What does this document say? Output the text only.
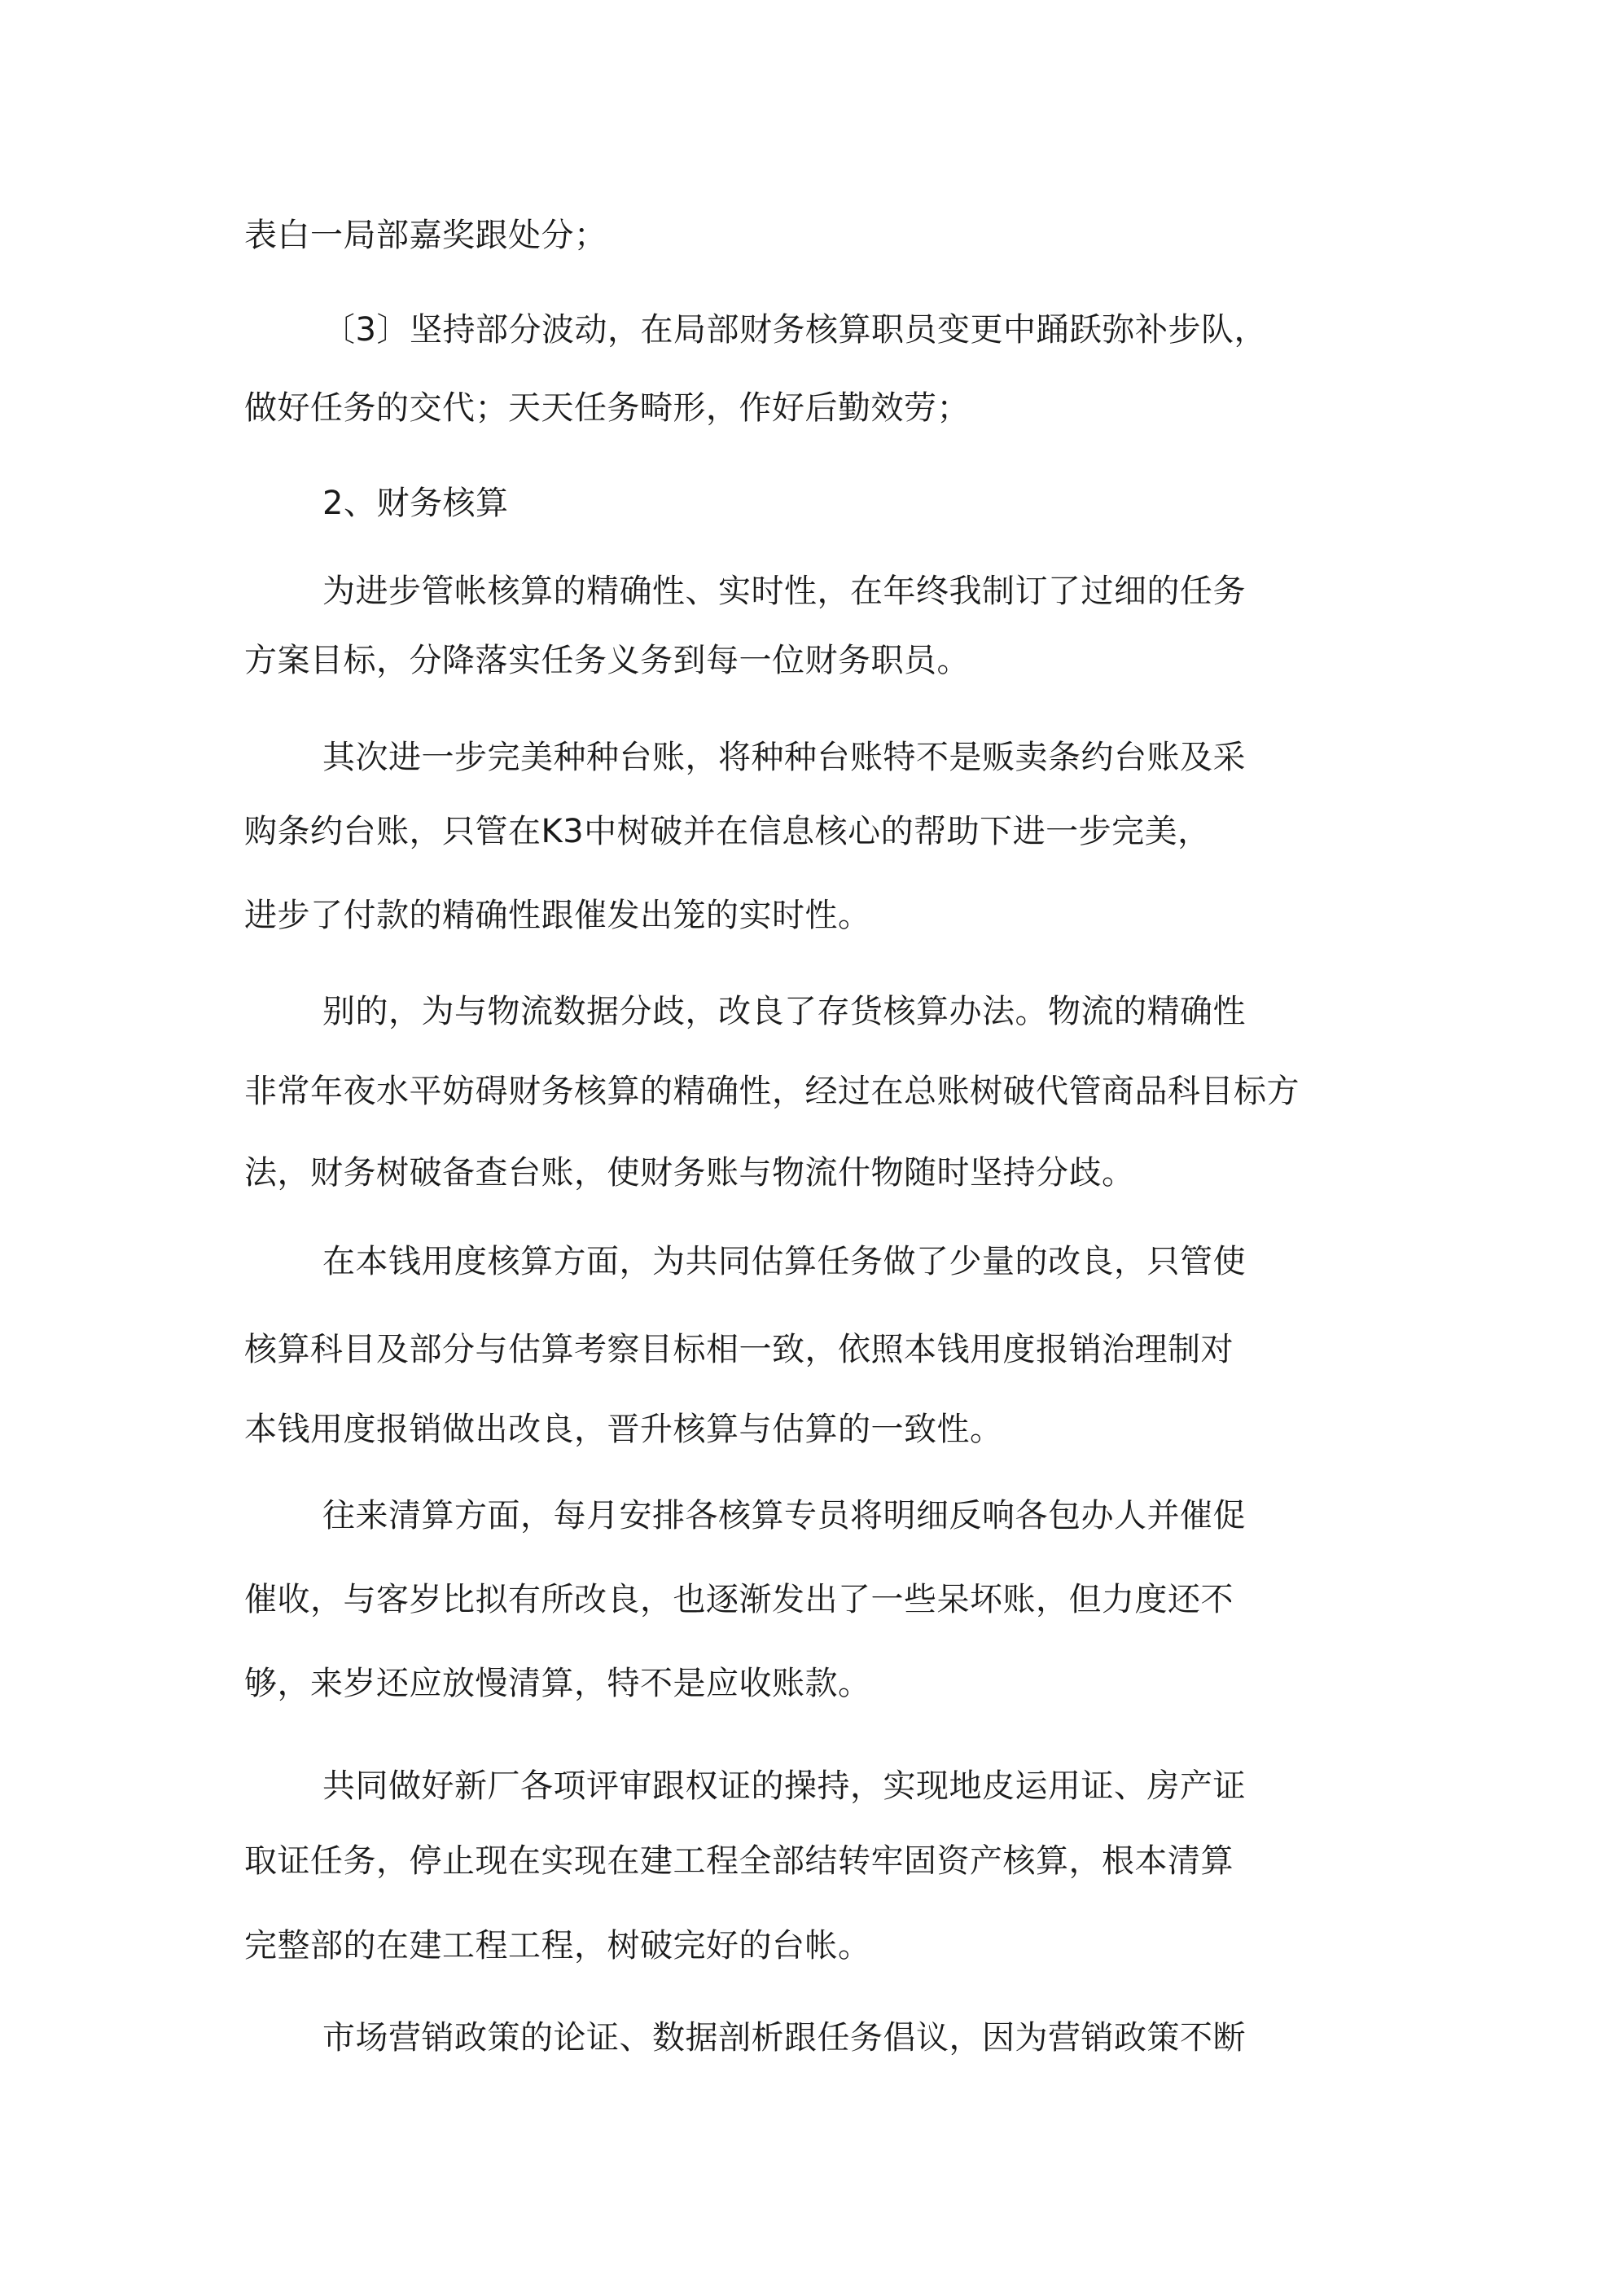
表白一局部嘉奖跟处分；
〔3〕坚持部分波动，在局部财务核算职员变更中踊跃弥补步队，
做好任务的交代；天天任务畸形，作好后勤效劳；
2、财务核算
为进步管帐核算的精确性、实时性，在年终我制订了过细的任务
方案目标，分降落实任务义务到每一位财务职员。
其次进一步完美种种台账，将种种台账特不是贩卖条约台账及采
购条约台账，只管在K3中树破并在信息核心的帮助下进一步完美，
进步了付款的精确性跟催发出笼的实时性。
别的，为与物流数据分歧，改良了存货核算办法。物流的精确性
非常年夜水平妨碍财务核算的精确性，经过在总账树破代管商品科目标方
法，财务树破备查台账，使财务账与物流什物随时坚持分歧。
在本钱用度核算方面，为共同估算任务做了少量的改良，只管使
核算科目及部分与估算考察目标相一致，依照本钱用度报销治理制对
本钱用度报销做出改良，晋升核算与估算的一致性。
往来清算方面，每月安排各核算专员将明细反响各包办人并催促
催收，与客岁比拟有所改良，也逐渐发出了一些呆坏账，但力度还不
够，来岁还应放慢清算，特不是应收账款。
共同做好新厂各项评审跟权证的操持，实现地皮运用证、房产证
取证任务，停止现在实现在建工程全部结转牢固资产核算，根本清算
完整部的在建工程工程，树破完好的台帐。
市场营销政策的论证、数据剖析跟任务倡议，因为营销政策不断
